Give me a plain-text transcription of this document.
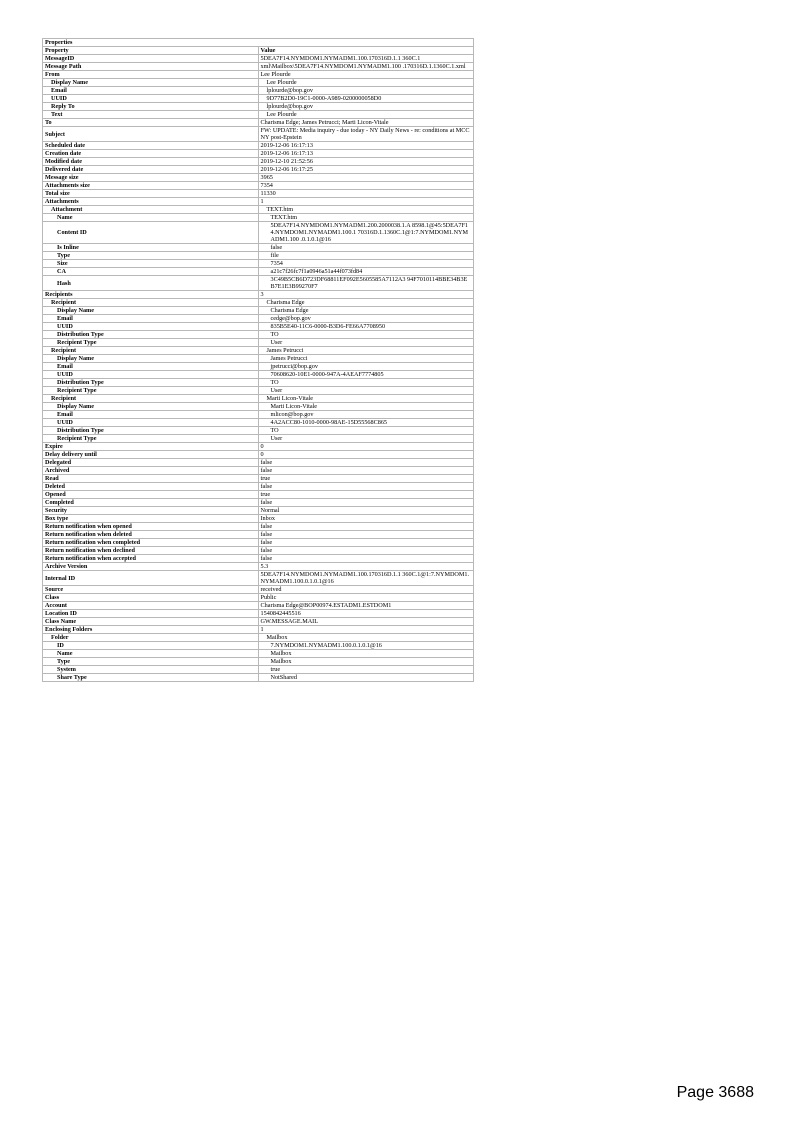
Properties	
Property	Value
MessageID	5DEA7F14.NYMDOM1.NYMADM1.100.170316D.1.1 360C.1
Message Path	xml\Mailbox\5DEA7F14.NYMDOM1.NYMADM1.100 .170316D.1.1360C.1.xml
From	Lee Plourde
Display Name	Lee Plourde
Email	lplourde@bop.gov
UUID	9D77B2D0-19C1-0000-A989-0200000058D0
Reply To	lplourde@bop.gov
Text	Lee Plourde
To	Charisma Edge; James Petrucci; Marti Licon-Vitale
Subject	FW: UPDATE: Media inquiry - due today - NY Daily News - re: conditions at MCC NY post-Epstein
Scheduled date	2019-12-06 16:17:13
Creation date	2019-12-06 16:17:13
Modified date	2019-12-10 21:52:56
Delivered date	2019-12-06 16:17:25
Message size	3965
Attachments size	7354
Total size	11330
Attachments	1
Attachment	TEXT.htm
Name	TEXT.htm
Content ID	5DEA7F14.NYMDOM1.NYMADM1.200.2000038.1.A 8598.1@45:5DEA7F14.NYMDOM1.NYMADM1.100.1 70316D.1.1360C.1@1:7.NYMDOM1.NYMADM1.100 .0.1.0.1@16
Is Inline	false
Type	file
Size	7354
CA	a21c7f26fc7f1a0946a51a44f073fd84
Hash	3C49B5CB6D723DF68811EF092E5605585A7112A3 94F7010114BBE34B3EB7E1E3B99270F7
Recipients	3
Recipient	Charisma Edge
Display Name	Charisma Edge
Email	cedge@bop.gov
UUID	835B5E40-11C6-0000-B3D6-FE66A7708950
Distribution Type	TO
Recipient Type	User
Recipient	James Petrucci
Display Name	James Petrucci
Email	jpetrucci@bop.gov
UUID	70608620-10E1-0000-947A-4AEAF7774805
Distribution Type	TO
Recipient Type	User
Recipient	Marti Licon-Vitale
Display Name	Marti Licon-Vitale
Email	mlicon@bop.gov
UUID	4A2ACC80-1010-0000-98AE-15D55568C865
Distribution Type	TO
Recipient Type	User
Expire	0
Delay delivery until	0
Delegated	false
Archived	false
Read	true
Deleted	false
Opened	true
Completed	false
Security	Normal
Box type	Inbox
Return notification when opened	false
Return notification when deleted	false
Return notification when completed	false
Return notification when declined	false
Return notification when accepted	false
Archive Version	5.3
Internal ID	5DEA7F14.NYMDOM1.NYMADM1.100.170316D.1.1 360C.1@1:7.NYMDOM1.NYMADM1.100.0.1.0.1@16
Source	received
Class	Public
Account	Charisma Edge@BOP00974.ESTADM1.ESTDOM1
Location ID	1540842445516
Class Name	GW.MESSAGE.MAIL
Enclosing Folders	1
Folder	Mailbox
ID	7.NYMDOM1.NYMADM1.100.0.1.0.1@16
Name	Mailbox
Type	Mailbox
System	true
Share Type	NotShared
Page 3688
